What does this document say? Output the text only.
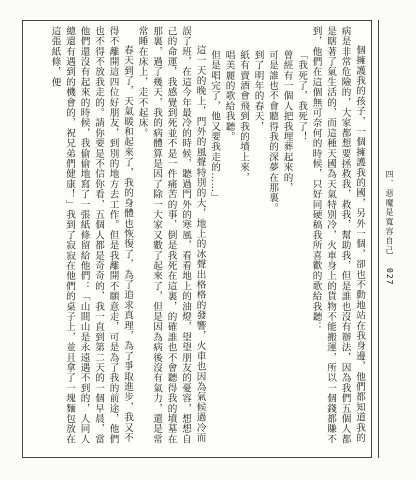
個擁護我的孩子，一個擁護我的國，另外一個，卻也不動地站在我身邊，他們都知道我的病是非常危險的，大家都想要拯救我，救我，幫助我，但是誰也沒有辦法，因為我們五個人都是瞎著了氣生活的，而這種天國為天氣特別冷，火車身上的貨物不能搬運，所以一個錢都賺不到，他們在這個無可奈何的時候，只好同硬稿我所喜歡的歌給我聽：

「我死了，我死了！

曾經有一個人把我埋葬起來的，

可是誰也不會聽得我的深夢在那裏。

到了明年的春天，

紙有賣酒會飛到我的墳上來，

唱美麗的歌給我聽。

但是唱完了，他又要我走的……」

這一天的晚上，門外的風聲特別的大，地上的冰聲出格格的發響，火車也因為氣候過冷而誤了班，在這今年最冷的時候，聽過門外的寒風，看看地上的油燈，望望朋友的憂容，想想自己的命運，我感覺到死並不是一件痛苦的事，倒是我死在這裏，的確誰也不會聽得我的墳墓在那裏，過了幾天，我的病體算是因了除一大家又數了起來了，但是因為病後沒有氣力，還是常常睡在床上，走不起床。

春天到了，天氣暖和起來了，我的身體也恢復了，為了追求真理，為了爭取進步，我又不得不離開這四位好朋友，到別的地方去工作。但是我離開不願意走，可是為了我的前途，他們也不得不放我走的。請你要是不信你看，五個人都是奇奇的，我一直到第二天的一個早晨，當他們還沒有起來的時候，我偷偷地寫了一張紙條留給他們：「山間山是永遠遇不到的，人同人總還有遇到的機會的，祝兄弟們健康！」我到了寂寂在他們的桌子上，並且拿了一塊麵包放在這張紙條，便

四．惡魔是寬容自己
027
